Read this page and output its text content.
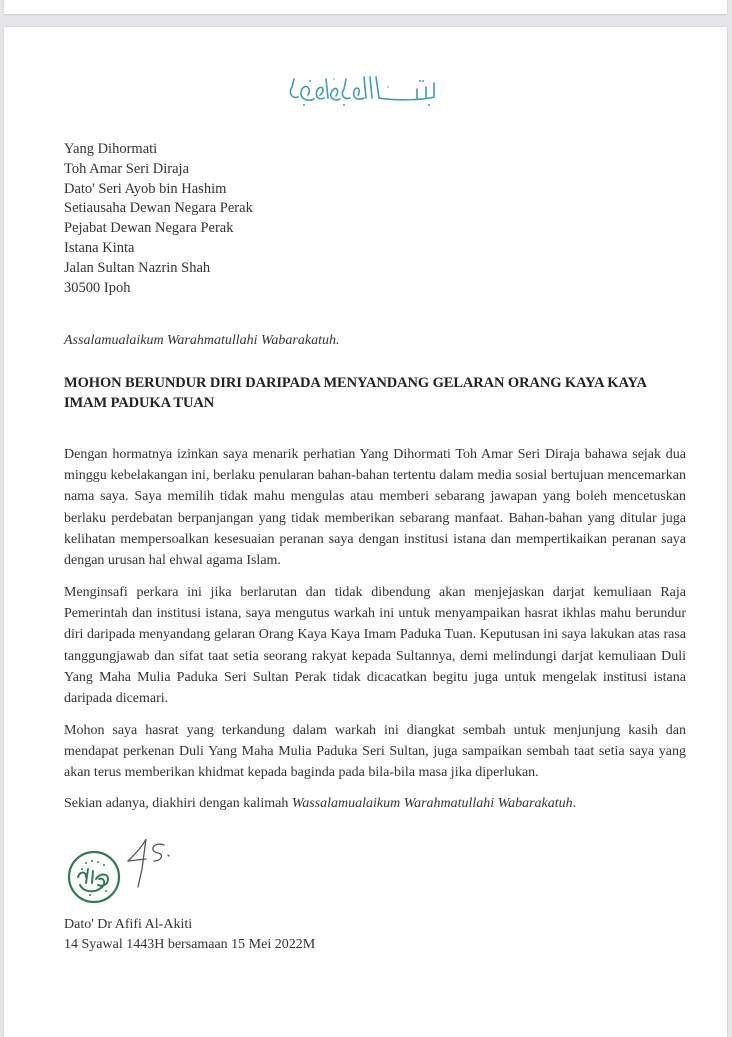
Yang Dihormati
Toh Amar Seri Diraja
Dato' Seri Ayob bin Hashim
Setiausaha Dewan Negara Perak
Pejabat Dewan Negara Perak
Istana Kinta
Jalan Sultan Nazrin Shah
30500 Ipoh
Assalamualaikum Warahmatullahi Wabarakatuh.
MOHON BERUNDUR DIRI DARIPADA MENYANDANG GELARAN ORANG KAYA KAYA IMAM PADUKA TUAN

Dengan hormatnya izinkan saya menarik perhatian Yang Dihormati Toh Amar Seri Diraja bahawa sejak dua minggu kebelakangan ini, berlaku penularan bahan-bahan tertentu dalam media sosial bertujuan mencemarkan nama saya. Saya memilih tidak mahu mengulas atau memberi sebarang jawapan yang boleh mencetuskan berlaku perdebatan berpanjangan yang tidak memberikan sebarang manfaat. Bahan-bahan yang ditular juga kelihatan mempersoalkan kesesuaian peranan saya dengan institusi istana dan mempertikaikan peranan saya dengan urusan hal ehwal agama Islam.

Menginsafi perkara ini jika berlarutan dan tidak dibendung akan menjejaskan darjat kemuliaan Raja Pemerintah dan institusi istana, saya mengutus warkah ini untuk menyampaikan hasrat ikhlas mahu berundur diri daripada menyandang gelaran Orang Kaya Kaya Imam Paduka Tuan. Keputusan ini saya lakukan atas rasa tanggungjawab dan sifat taat setia seorang rakyat kepada Sultannya, demi melindungi darjat kemuliaan Duli Yang Maha Mulia Paduka Seri Sultan Perak tidak dicacatkan begitu juga untuk mengelak institusi istana daripada dicemari.

Mohon saya hasrat yang terkandung dalam warkah ini diangkat sembah untuk menjunjung kasih dan mendapat perkenan Duli Yang Maha Mulia Paduka Seri Sultan, juga sampaikan sembah taat setia saya yang akan terus memberikan khidmat kepada baginda pada bila-bila masa jika diperlukan.

Sekian adanya, diakhiri dengan kalimah Wassalamualaikum Warahmatullahi Wabarakatuh.

Dato' Dr Afifi Al-Akiti
14 Syawal 1443H bersamaan 15 Mei 2022M
